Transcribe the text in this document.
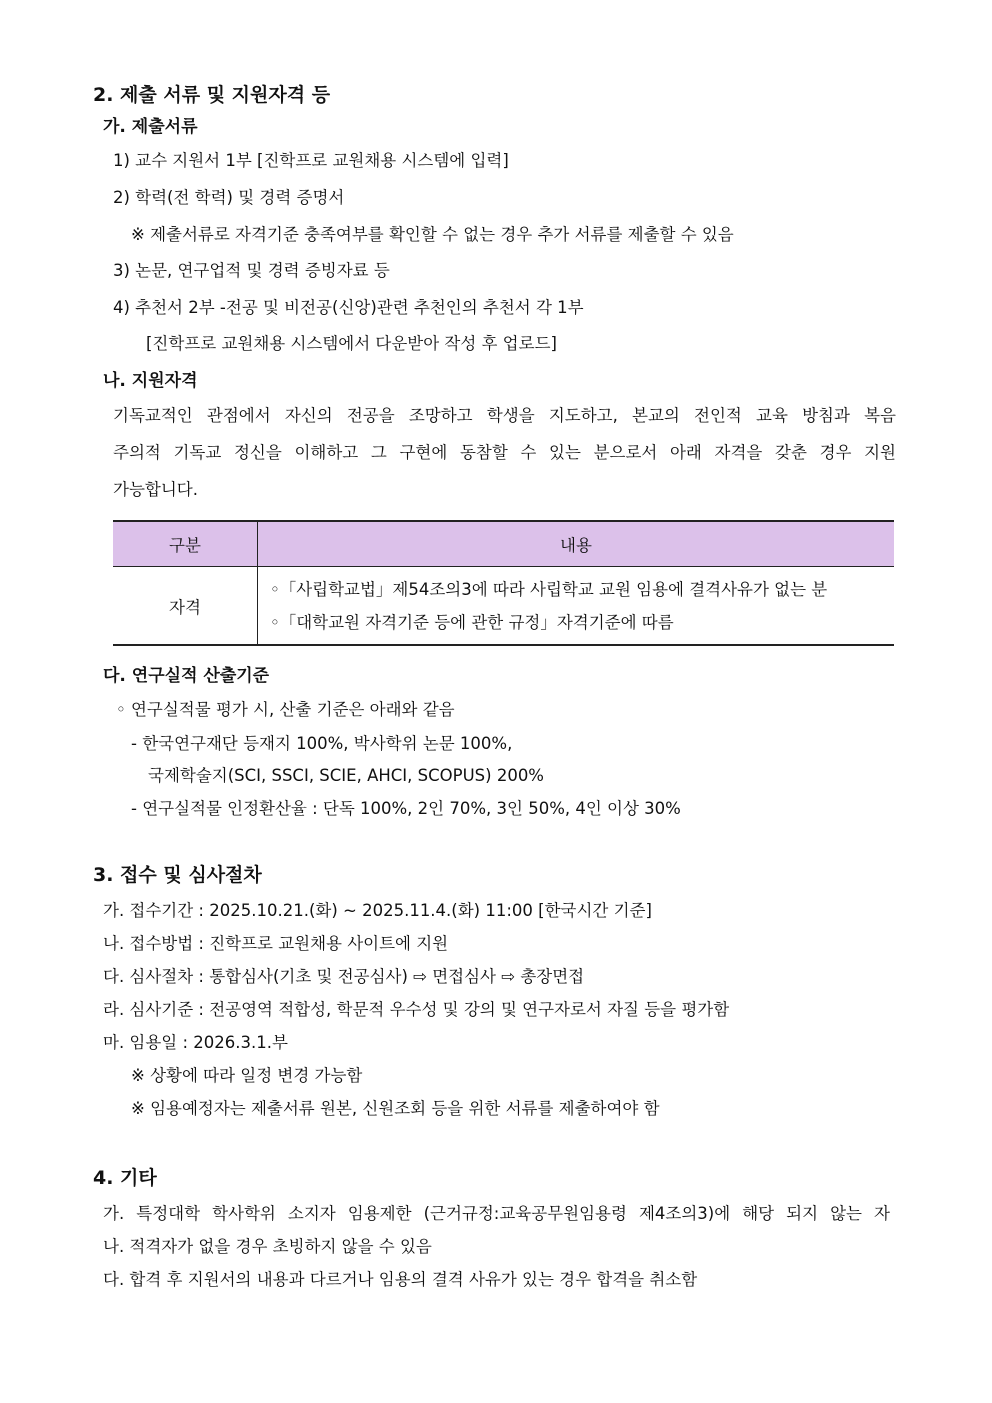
2. 제출 서류 및 지원자격 등
가. 제출서류
1) 교수 지원서 1부 [진학프로 교원채용 시스템에 입력]
2) 학력(전 학력) 및 경력 증명서
※ 제출서류로 자격기준 충족여부를 확인할 수 없는 경우 추가 서류를 제출할 수 있음
3) 논문, 연구업적 및 경력 증빙자료 등
4) 추천서 2부 -전공 및 비전공(신앙)관련 추천인의 추천서 각 1부
[진학프로 교원채용 시스템에서 다운받아 작성 후 업로드]
나. 지원자격
기독교적인 관점에서 자신의 전공을 조망하고 학생을 지도하고, 본교의 전인적 교육 방침과 복음
주의적 기독교 정신을 이해하고 그 구현에 동참할 수 있는 분으로서 아래 자격을 갖춘 경우 지원
가능합니다.
구분	내용
자격	◦「사립학교법」제54조의3에 따라 사립학교 교원 임용에 결격사유가 없는 분
◦「대학교원 자격기준 등에 관한 규정」자격기준에 따름
다. 연구실적 산출기준
◦ 연구실적물 평가 시, 산출 기준은 아래와 같음
- 한국연구재단 등재지 100%, 박사학위 논문 100%,
국제학술지(SCI, SSCI, SCIE, AHCI, SCOPUS) 200%
- 연구실적물 인정환산율 : 단독 100%, 2인 70%, 3인 50%, 4인 이상 30%
3. 접수 및 심사절차
가. 접수기간 : 2025.10.21.(화) ~ 2025.11.4.(화) 11:00 [한국시간 기준]
나. 접수방법 : 진학프로 교원채용 사이트에 지원
다. 심사절차 : 통합심사(기초 및 전공심사) ⇨ 면접심사 ⇨ 총장면접
라. 심사기준 : 전공영역 적합성, 학문적 우수성 및 강의 및 연구자로서 자질 등을 평가함
마. 임용일 : 2026.3.1.부
※ 상황에 따라 일정 변경 가능함
※ 임용예정자는 제출서류 원본, 신원조회 등을 위한 서류를 제출하여야 함
4. 기타
가. 특정대학 학사학위 소지자 임용제한 (근거규정:교육공무원임용령 제4조의3)에 해당 되지 않는 자
나. 적격자가 없을 경우 초빙하지 않을 수 있음
다. 합격 후 지원서의 내용과 다르거나 임용의 결격 사유가 있는 경우 합격을 취소함
